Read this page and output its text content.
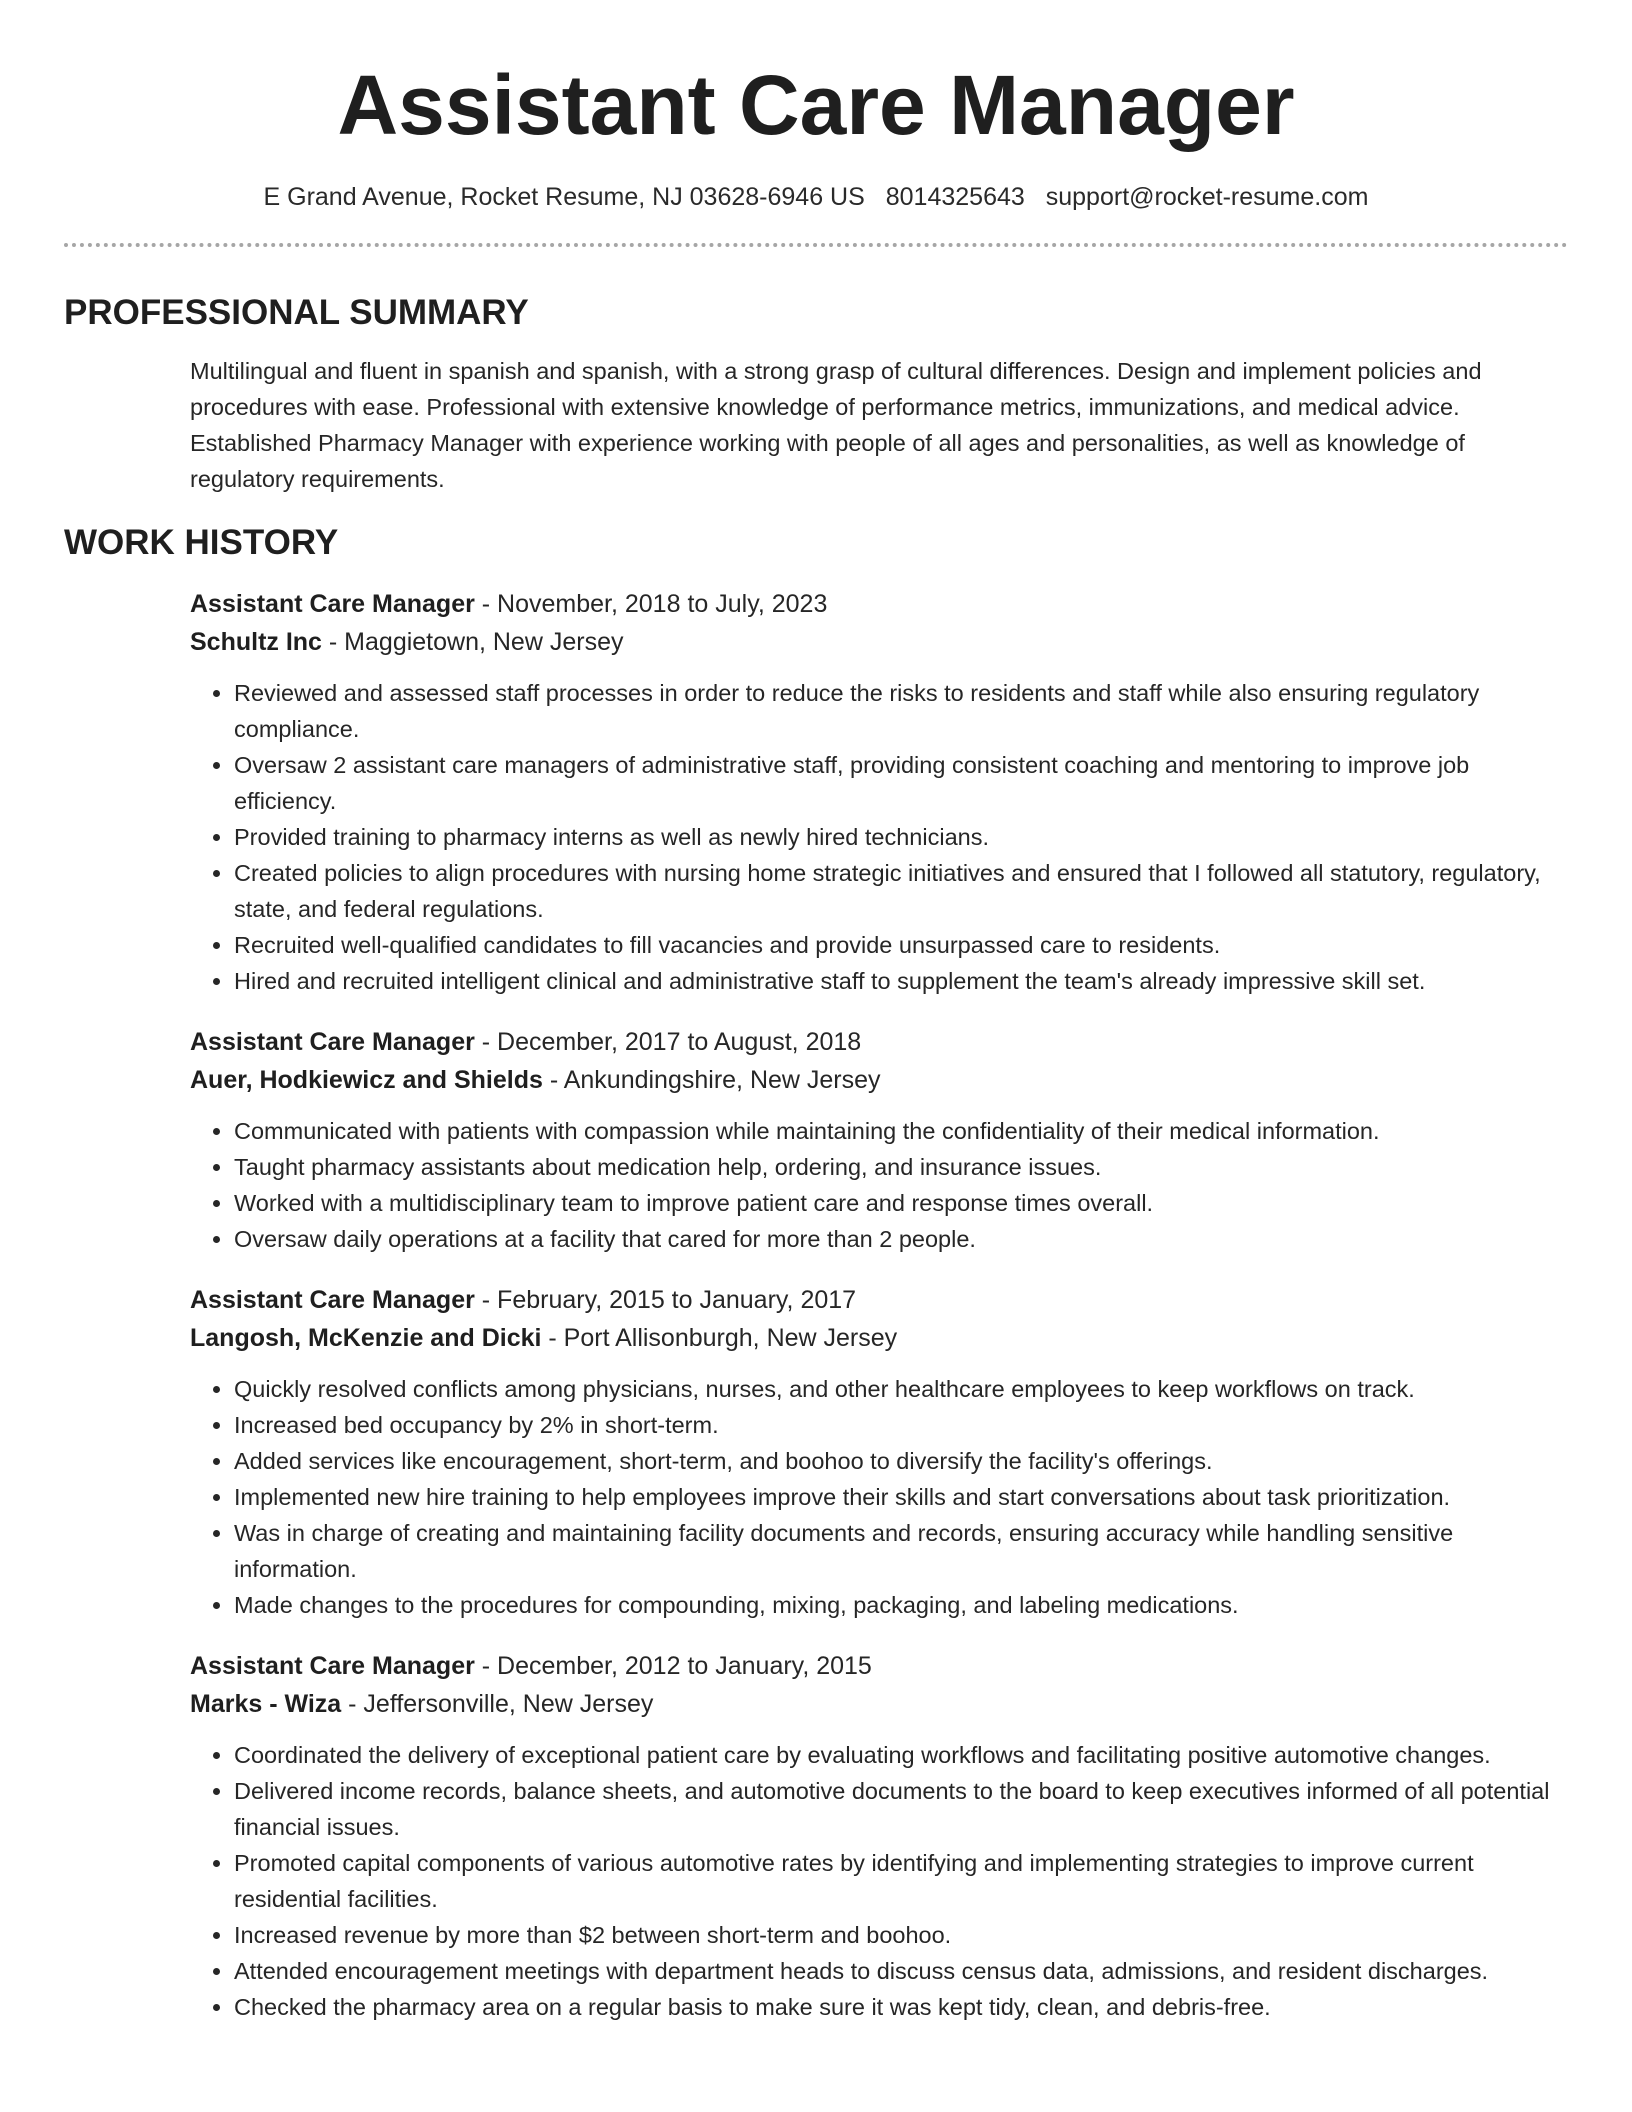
Assistant Care Manager
E Grand Avenue, Rocket Resume, NJ 03628-6946 US 8014325643 support@rocket-resume.com
PROFESSIONAL SUMMARY

Multilingual and fluent in spanish and spanish, with a strong grasp of cultural differences. Design and implement policies and procedures with ease. Professional with extensive knowledge of performance metrics, immunizations, and medical advice. Established Pharmacy Manager with experience working with people of all ages and personalities, as well as knowledge of regulatory requirements.

WORK HISTORY
Assistant Care Manager - November, 2018 to July, 2023
Schultz Inc - Maggietown, New Jersey
• Reviewed and assessed staff processes in order to reduce the risks to residents and staff while also ensuring regulatory compliance.
• Oversaw 2 assistant care managers of administrative staff, providing consistent coaching and mentoring to improve job efficiency.
• Provided training to pharmacy interns as well as newly hired technicians.
• Created policies to align procedures with nursing home strategic initiatives and ensured that I followed all statutory, regulatory, state, and federal regulations.
• Recruited well-qualified candidates to fill vacancies and provide unsurpassed care to residents.
• Hired and recruited intelligent clinical and administrative staff to supplement the team's already impressive skill set.
Assistant Care Manager - December, 2017 to August, 2018
Auer, Hodkiewicz and Shields - Ankundingshire, New Jersey
• Communicated with patients with compassion while maintaining the confidentiality of their medical information.
• Taught pharmacy assistants about medication help, ordering, and insurance issues.
• Worked with a multidisciplinary team to improve patient care and response times overall.
• Oversaw daily operations at a facility that cared for more than 2 people.
Assistant Care Manager - February, 2015 to January, 2017
Langosh, McKenzie and Dicki - Port Allisonburgh, New Jersey
• Quickly resolved conflicts among physicians, nurses, and other healthcare employees to keep workflows on track.
• Increased bed occupancy by 2% in short-term.
• Added services like encouragement, short-term, and boohoo to diversify the facility's offerings.
• Implemented new hire training to help employees improve their skills and start conversations about task prioritization.
• Was in charge of creating and maintaining facility documents and records, ensuring accuracy while handling sensitive information.
• Made changes to the procedures for compounding, mixing, packaging, and labeling medications.
Assistant Care Manager - December, 2012 to January, 2015
Marks - Wiza - Jeffersonville, New Jersey
• Coordinated the delivery of exceptional patient care by evaluating workflows and facilitating positive automotive changes.
• Delivered income records, balance sheets, and automotive documents to the board to keep executives informed of all potential financial issues.
• Promoted capital components of various automotive rates by identifying and implementing strategies to improve current residential facilities.
• Increased revenue by more than $2 between short-term and boohoo.
• Attended encouragement meetings with department heads to discuss census data, admissions, and resident discharges.
• Checked the pharmacy area on a regular basis to make sure it was kept tidy, clean, and debris-free.
